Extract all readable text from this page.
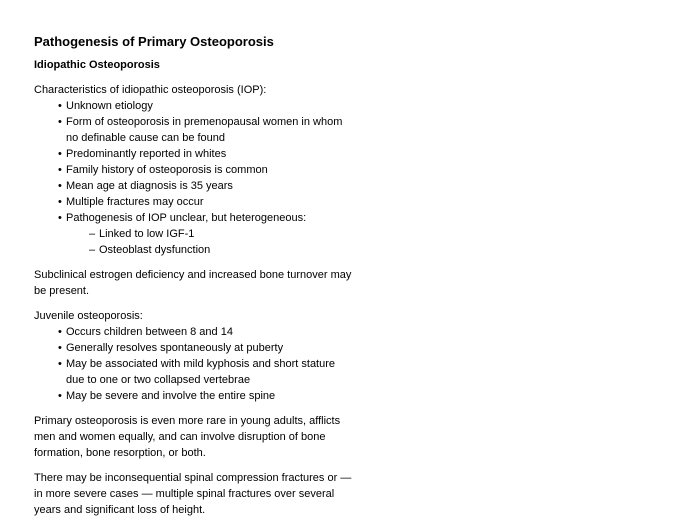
Pathogenesis of Primary Osteoporosis
Idiopathic Osteoporosis

Characteristics of idiopathic osteoporosis (IOP):

• Unknown etiology
• Form of osteoporosis in premenopausal women in whom no definable cause can be found
• Predominantly reported in whites
• Family history of osteoporosis is common
• Mean age at diagnosis is 35 years
• Multiple fractures may occur
• Pathogenesis of IOP unclear, but heterogeneous:
– Linked to low IGF-1
– Osteoblast dysfunction

Subclinical estrogen deficiency and increased bone turnover may be present.

Juvenile osteoporosis:

• Occurs children between 8 and 14
• Generally resolves spontaneously at puberty
• May be associated with mild kyphosis and short stature due to one or two collapsed vertebrae
• May be severe and involve the entire spine

Primary osteoporosis is even more rare in young adults, afflicts men and women equally, and can involve disruption of bone formation, bone resorption, or both.

There may be inconsequential spinal compression fractures or — in more severe cases — multiple spinal fractures over several years and significant loss of height.
